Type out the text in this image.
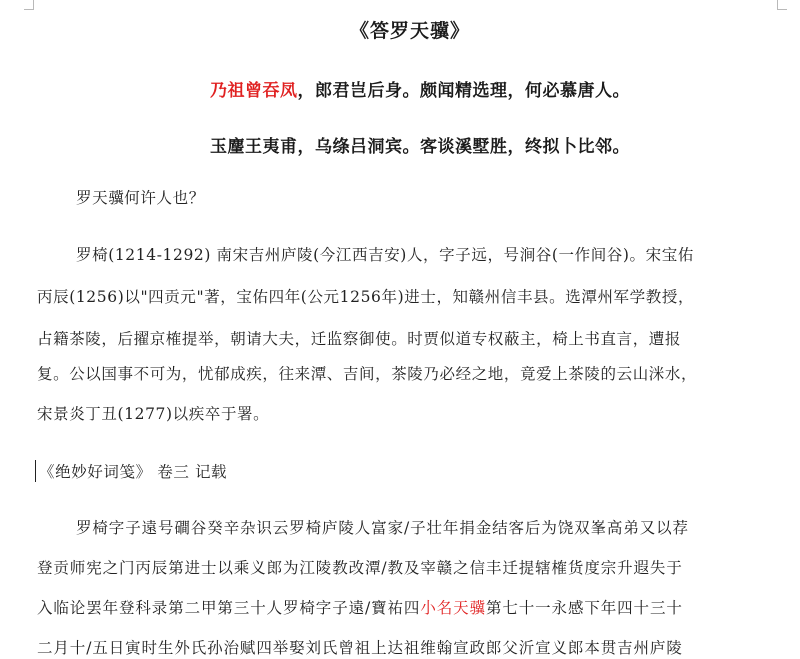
《答罗天骥》
乃祖曾吞凤，郎君岂后身。颇闻精选理，何必慕唐人。
玉麈王夷甫，乌绦吕洞宾。客谈溪墅胜，终拟卜比邻。
罗天骥何许人也？
罗椅(1214-1292) 南宋吉州庐陵(今江西吉安)人，字子远，号涧谷(一作间谷)。宋宝佑
丙辰(1256)以"四贡元"著，宝佑四年(公元1256年)进士，知赣州信丰县。选潭州军学教授，
占籍茶陵，后擢京榷提举，朝请大夫，迁监察御使。时贾似道专权蔽主，椅上书直言，遭报
复。公以国事不可为，忧郁成疾，往来潭、吉间，茶陵乃必经之地，竟爱上茶陵的云山洣水，
宋景炎丁丑(1277)以疾卒于署。
《绝妙好词笺》 卷三 记载
罗椅字子遠号磵谷癸辛杂识云罗椅庐陵人富家/子壮年捐金结客后为饶双峯高弟又以荐
登贡师宪之门丙辰第进士以乘义郎为江陵教改潭/教及宰赣之信丰迁提辖榷货度宗升遐失于
入临论罢年登科录第二甲第三十人罗椅字子遠/寶祐四小名天骥第七十一永感下年四十三十
二月十/五日寅时生外氏孙治赋四举娶刘氏曾祖上达祖维翰宣政郎父沂宣义郎本贯吉州庐陵
